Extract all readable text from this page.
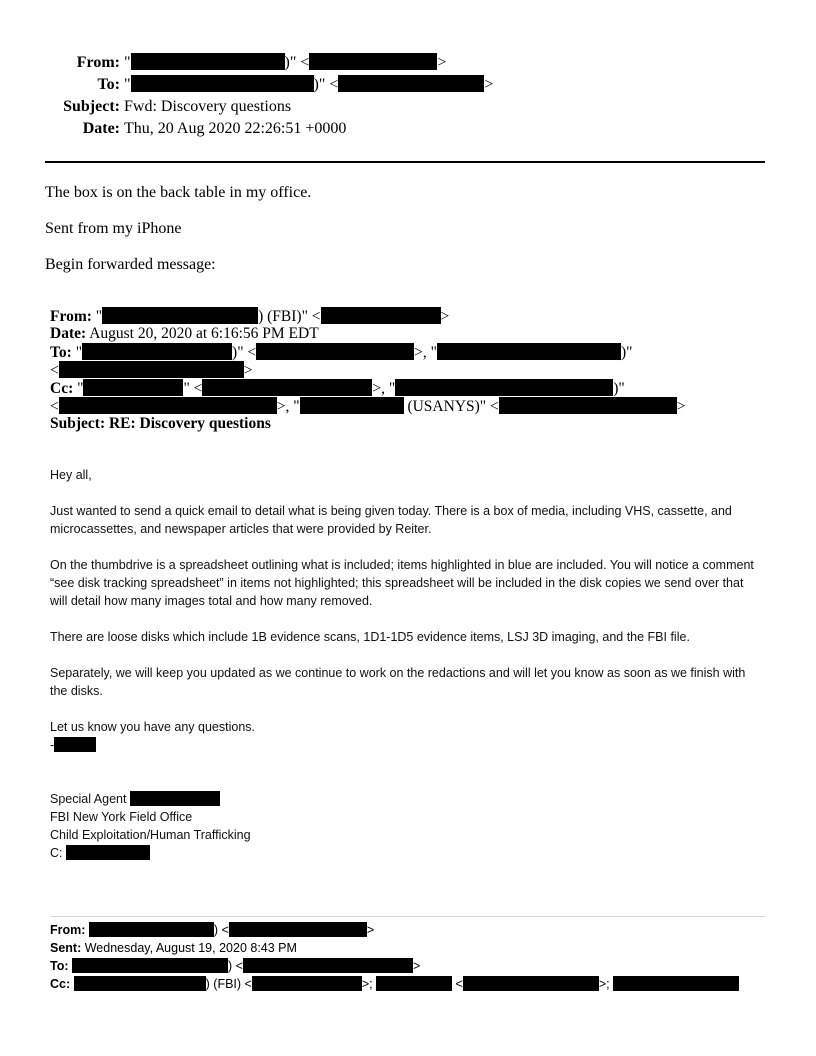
From: "	)" <	>
To: "	)" <	>
Subject: Fwd: Discovery questions
Date: Thu, 20 Aug 2020 22:26:51 +0000
The box is on the back table in my office.
Sent from my iPhone
Begin forwarded message:
From: "	) (FBI)" <	>
Date: August 20, 2020 at 6:16:56 PM EDT
To: "	)" <	>, "	)"
<	>
Cc: "	" <	>, "	)"
<	>, "	(USANYS)" <	>
Subject: RE: Discovery questions
Hey all,
Just wanted to send a quick email to detail what is being given today. There is a box of media, including VHS, cassette, and microcassettes, and newspaper articles that were provided by Reiter.
On the thumbdrive is a spreadsheet outlining what is included; items highlighted in blue are included. You will notice a comment “see disk tracking spreadsheet” in items not highlighted; this spreadsheet will be included in the disk copies we send over that will detail how many images total and how many removed.
There are loose disks which include 1B evidence scans, 1D1-1D5 evidence items, LSJ 3D imaging, and the FBI file.
Separately, we will keep you updated as we continue to work on the redactions and will let you know as soon as we finish with the disks.
Let us know you have any questions.
-
Special Agent
FBI New York Field Office
Child Exploitation/Human Trafficking
C:
From:	) <	>
Sent: Wednesday, August 19, 2020 8:43 PM
To:	) <	>
Cc:	) (FBI) <	>;	<	>;
